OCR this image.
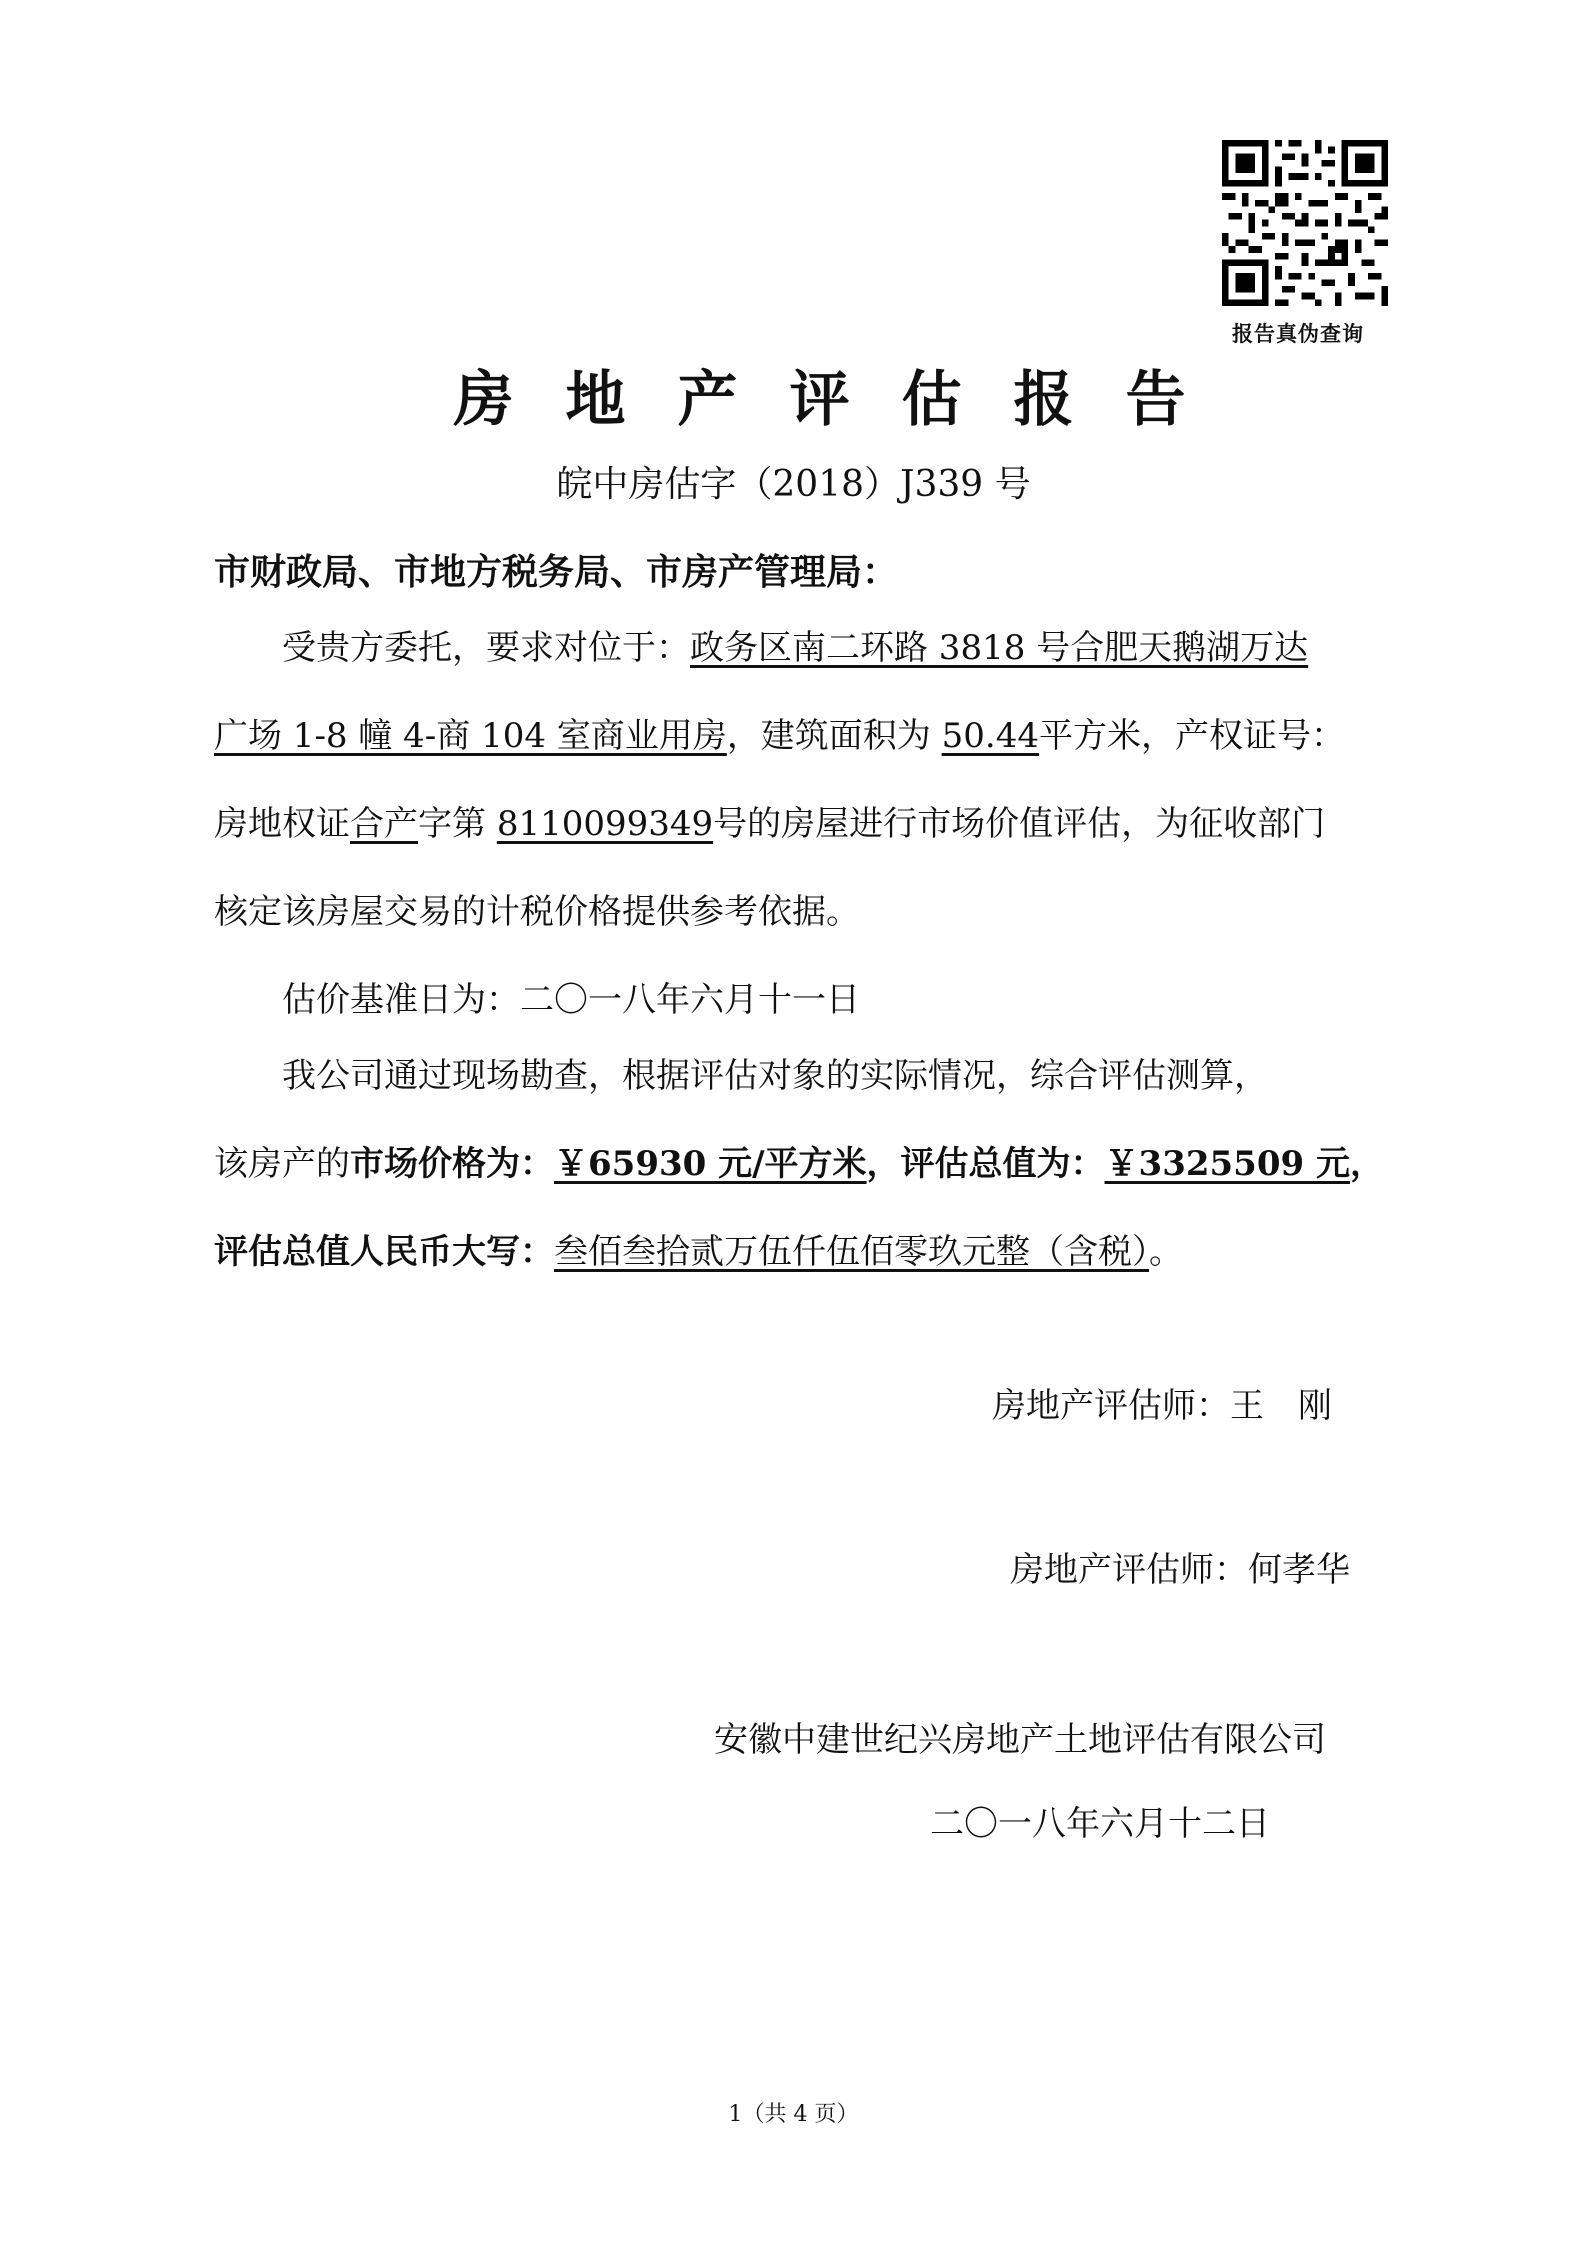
报告真伪查询
房地产评估报告
皖中房估字（2018）J339 号
市财政局、市地方税务局、市房产管理局：
受贵方委托，要求对位于：政务区南二环路 3818 号合肥天鹅湖万达
广场 1-8 幢 4-商 104 室商业用房，建筑面积为 50.44平方米，产权证号：
房地权证合产字第 8110099349号的房屋进行市场价值评估，为征收部门
核定该房屋交易的计税价格提供参考依据。
估价基准日为：二〇一八年六月十一日
我公司通过现场勘查，根据评估对象的实际情况，综合评估测算，
该房产的市场价格为：￥65930 元/平方米，评估总值为：￥3325509 元，
评估总值人民币大写：叁佰叁拾贰万伍仟伍佰零玖元整（含税）。
房地产评估师：王　刚
房地产评估师：何孝华
安徽中建世纪兴房地产土地评估有限公司
二〇一八年六月十二日
1（共 4 页）
